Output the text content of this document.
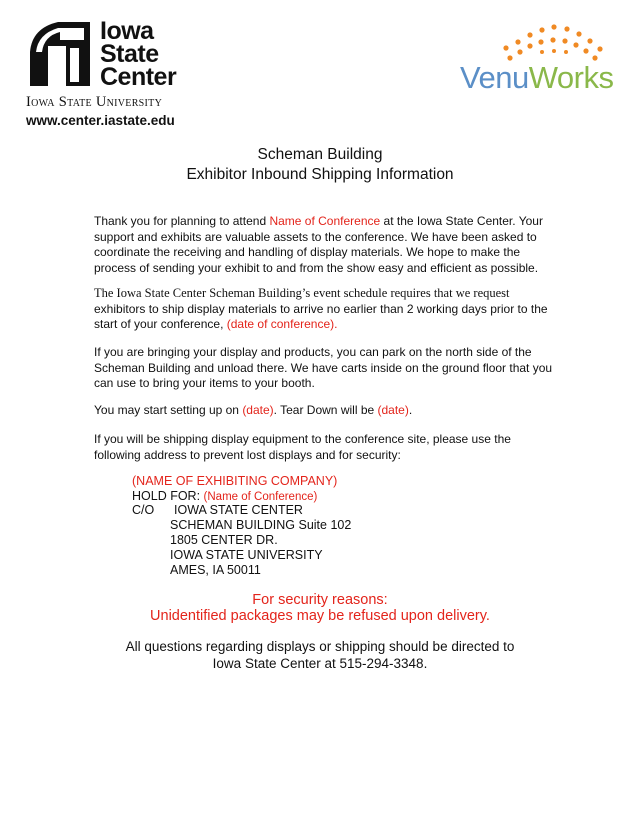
Iowa
State
Center
Iowa State University
www.center.iastate.edu
VenuWorks
Scheman Building
Exhibitor Inbound Shipping Information
Thank you for planning to attend Name of Conference at the Iowa State Center. Your support and exhibits are valuable assets to the conference. We have been asked to coordinate the receiving and handling of display materials. We hope to make the process of sending your exhibit to and from the show easy and efficient as possible.
The Iowa State Center Scheman Building’s event schedule requires that we request exhibitors to ship display materials to arrive no earlier than 2 working days prior to the start of your conference, (date of conference).
If you are bringing your display and products, you can park on the north side of the Scheman Building and unload there. We have carts inside on the ground floor that you can use to bring your items to your booth.
You may start setting up on (date). Tear Down will be (date).
If you will be shipping display equipment to the conference site, please use the following address to prevent lost displays and for security:
(NAME OF EXHIBITING COMPANY)
HOLD FOR: (Name of Conference)
C/O IOWA STATE CENTER
SCHEMAN BUILDING Suite 102
1805 CENTER DR.
IOWA STATE UNIVERSITY
AMES, IA 50011
For security reasons:
Unidentified packages may be refused upon delivery.
All questions regarding displays or shipping should be directed to
Iowa State Center at 515-294-3348.
